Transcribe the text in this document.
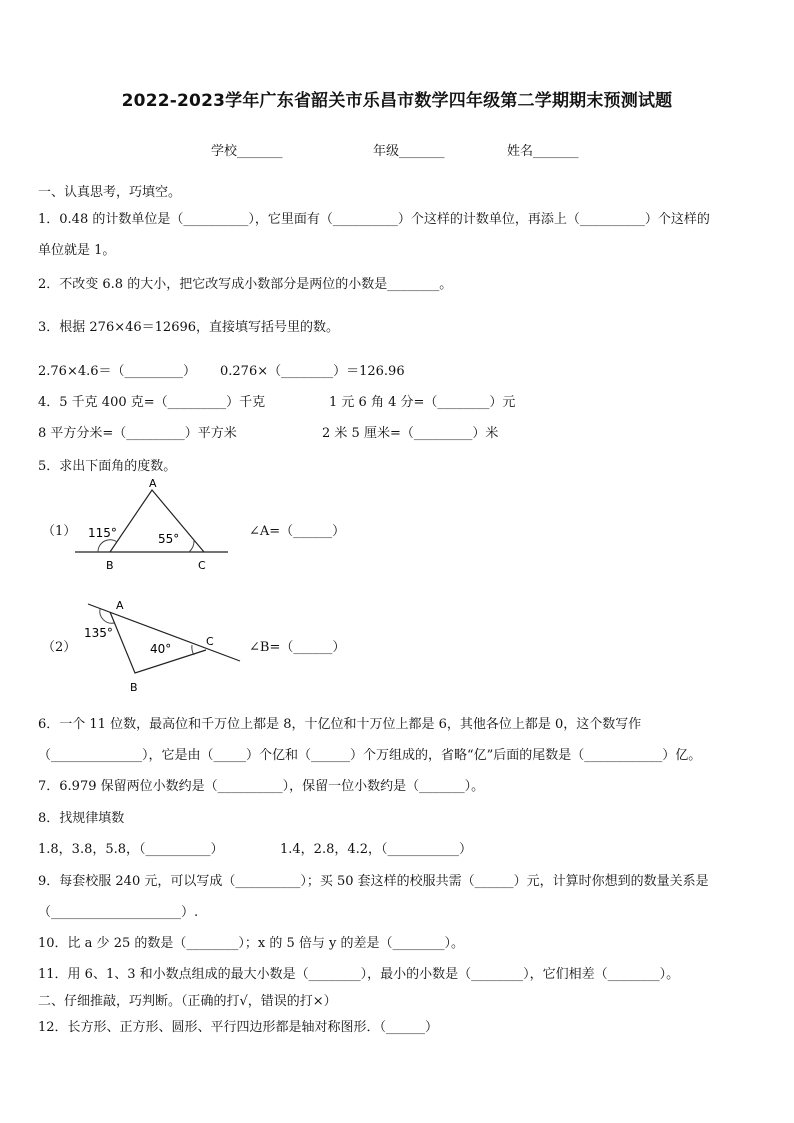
2022-2023学年广东省韶关市乐昌市数学四年级第二学期期末预测试题
学校_______	年级_______	姓名_______
一、认真思考，巧填空。
1．0.48 的计数单位是（__________），它里面有（__________）个这样的计数单位，再添上（__________）个这样的
单位就是 1。
2．不改变 6.8 的大小，把它改写成小数部分是两位的小数是________。
3．根据 276×46＝12696，直接填写括号里的数。
2.76×4.6＝（_________） 0.276×（________）＝126.96
4．5 千克 400 克=（_________）千克	1 元 6 角 4 分=（________）元
8 平方分米=（_________）平方米	2 米 5 厘米=（_________）米
5．求出下面角的度数。
（1）
A
B	C
115°	55°	∠A=（______）
（2）
A
B
C
135°
40°	∠B=（______）
6．一个 11 位数，最高位和千万位上都是 8，十亿位和十万位上都是 6，其他各位上都是 0，这个数写作
（______________），它是由（_____）个亿和（______）个万组成的，省略“亿”后面的尾数是（____________）亿。
7．6.979 保留两位小数约是（__________），保留一位小数约是（_______）。
8．找规律填数
1.8，3.8，5.8，（__________）	1.4，2.8，4.2，（___________）
9．每套校服 240 元，可以写成（__________）；买 50 套这样的校服共需（______）元，计算时你想到的数量关系是
（____________________）.
10．比 a 少 25 的数是（________）；x 的 5 倍与 y 的差是（________）。
11．用 6、1、3 和小数点组成的最大小数是（________），最小的小数是（________），它们相差（________）。
二、仔细推敲，巧判断。（正确的打√，错误的打×）
12．长方形、正方形、圆形、平行四边形都是轴对称图形．（______）
